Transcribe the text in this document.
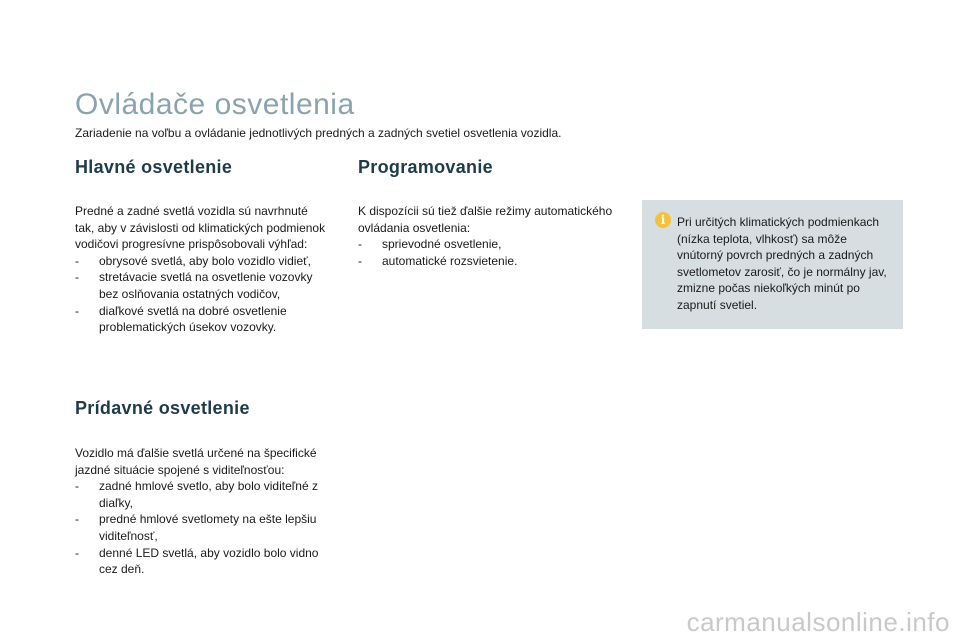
Ovládače osvetlenia
Zariadenie na voľbu a ovládanie jednotlivých predných a zadných svetiel osvetlenia vozidla.
Hlavné osvetlenie

Predné a zadné svetlá vozidla sú navrhnuté tak, aby v závislosti od klimatických podmienok vodičovi progresívne prispôsobovali výhľad:

- obrysové svetlá, aby bolo vozidlo vidieť,
- stretávacie svetlá na osvetlenie vozovky bez oslňovania ostatných vodičov,
- diaľkové svetlá na dobré osvetlenie problematických úsekov vozovky.
Prídavné osvetlenie

Vozidlo má ďalšie svetlá určené na špecifické jazdné situácie spojené s viditeľnosťou:

- zadné hmlové svetlo, aby bolo viditeľné z diaľky,
- predné hmlové svetlomety na ešte lepšiu viditeľnosť,
- denné LED svetlá, aby vozidlo bolo vidno cez deň.
Programovanie

K dispozícii sú tiež ďalšie režimy automatického ovládania osvetlenia:

- sprievodné osvetlenie,
- automatické rozsvietenie.
i Pri určitých klimatických podmienkach (nízka teplota, vlhkosť) sa môže vnútorný povrch predných a zadných svetlometov zarosiť, čo je normálny jav, zmizne počas niekoľkých minút po zapnutí svetiel.
carmanualsonline.info
